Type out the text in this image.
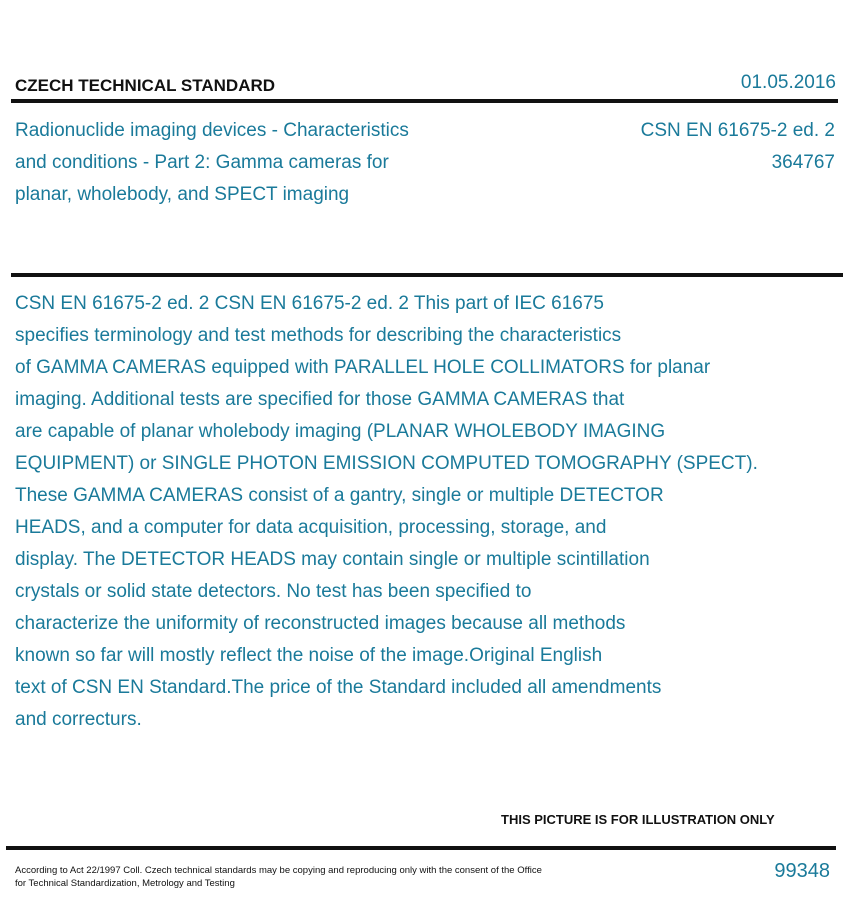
CZECH TECHNICAL STANDARD	01.05.2016
Radionuclide imaging devices - Characteristics
and conditions - Part 2: Gamma cameras for
planar, wholebody, and SPECT imaging
CSN EN 61675-2 ed. 2
364767
CSN EN 61675-2 ed. 2 CSN EN 61675-2 ed. 2 This part of IEC 61675
specifies terminology and test methods for describing the characteristics
of GAMMA CAMERAS equipped with PARALLEL HOLE COLLIMATORS for planar
imaging. Additional tests are specified for those GAMMA CAMERAS that
are capable of planar wholebody imaging (PLANAR WHOLEBODY IMAGING
EQUIPMENT) or SINGLE PHOTON EMISSION COMPUTED TOMOGRAPHY (SPECT).
These GAMMA CAMERAS consist of a gantry, single or multiple DETECTOR
HEADS, and a computer for data acquisition, processing, storage, and
display. The DETECTOR HEADS may contain single or multiple scintillation
crystals or solid state detectors. No test has been specified to
characterize the uniformity of reconstructed images because all methods
known so far will mostly reflect the noise of the image.Original English
text of CSN EN Standard.The price of the Standard included all amendments
and correcturs.
THIS PICTURE IS FOR ILLUSTRATION ONLY
According to Act 22/1997 Coll. Czech technical standards may be copying and reproducing only with the consent of the Office
for Technical Standardization, Metrology and Testing
99348
